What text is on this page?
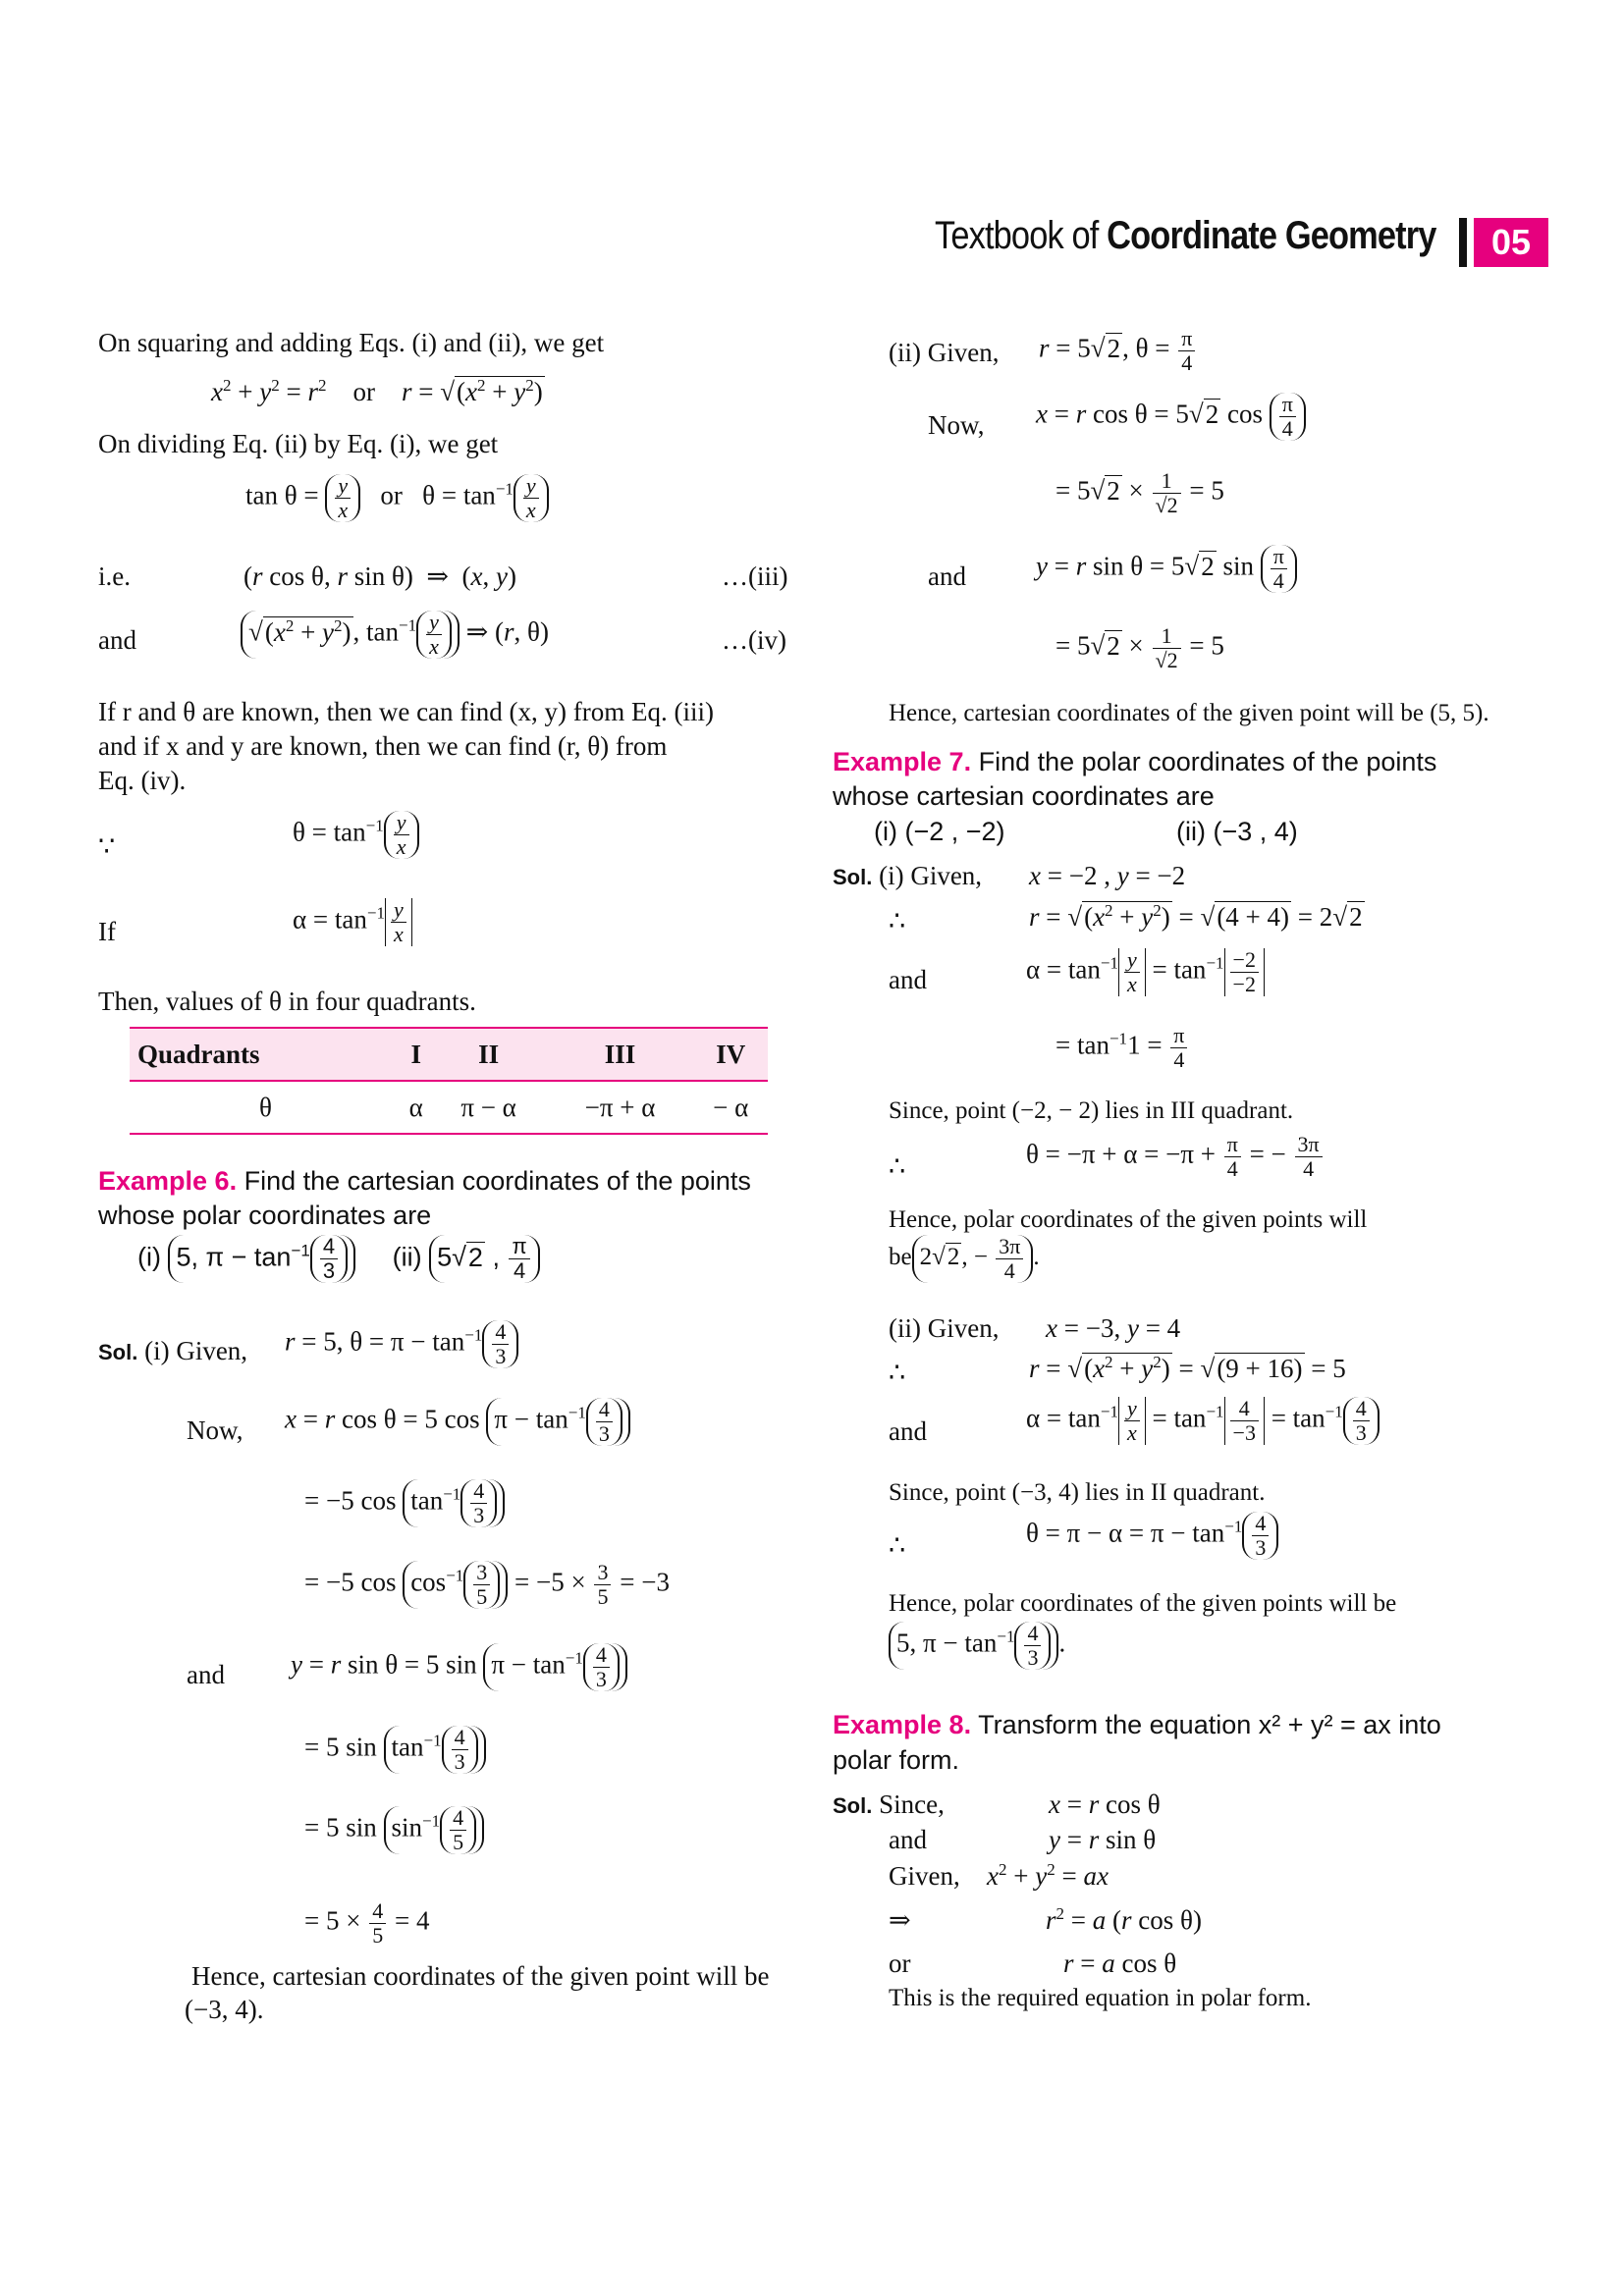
Textbook of Coordinate Geometry	05
On squaring and adding Eqs. (i) and (ii), we get
$x^2 + y^2 = r^2$    or    $r = √(x^2 + y^2)$
On dividing Eq. (ii) by Eq. (i), we get
$\tan \theta = \frac{y}{x}$ or   $\theta = \tan^{-1} \frac{y}{x}$
i.e.	(r cos θ, r sin θ)  ⇒  (x, y)	…(iii)
and	$√(x^2 + y^2)$, $\tan^{-1} \frac{y}{x}$ ⇒ (r, θ)	…(iv)
If r and θ are known, then we can find (x, y) from Eq. (iii)
and if x and y are known, then we can find (r, θ) from
Eq. (iv).
∵	$\theta = \tan^{-1} \frac{y}{x}$
If	$\alpha = \tan^{-1} \frac{y}{x}$
Then, values of θ in four quadrants.
Quadrants	I	II	III	IV
θ	α	π − α	−π + α	− α
Example 6. Find the cartesian coordinates of the points
whose polar coordinates are
(i) 5, $\pi - \tan^{-1} \frac{4}{3} (ii)$ 5√2 , $\frac{\pi}{4}$
Sol. (i) Given, r = 5, $\theta = \pi - \tan^{-1} \frac{4}{3}$
Now, x = r cos θ = 5 $\cos \pi - \tan^{-1} \frac{4}{3}$
= −5 $\cos \tan^{-1} \frac{4}{3}$
= −5 $\cos \cos^{-1} \frac{3}{5} = -5 \times \frac{3}{5} = -3$
and y = r sin θ = 5 $\sin \pi - \tan^{-1} \frac{4}{3}$
= 5 $\sin \tan^{-1} \frac{4}{3}$
= 5 $\sin \sin^{-1} \frac{4}{5}$
= $5 \times \frac{4}{5} = 4$
Hence, cartesian coordinates of the given point will be
(−3, 4).
(ii) Given, r = 5√2, $\theta = \frac{\pi}{4}$
Now, x = r cos θ = 5√2 $\cos \frac{\pi}{4}$
= $5√2 \times \frac{1}{√2} = 5$
and	y = r sin θ = 5√2 $\sin \frac{\pi}{4}$
= $5√2 \times \frac{1}{√2} = 5$
Hence, cartesian coordinates of the given point will be (5, 5).
Example 7. Find the polar coordinates of the points
whose cartesian coordinates are
(i) (−2 , −2)	(ii) (−3 , 4)
Sol. (i) Given, x = −2 , y = −2
∴	$r = √(x^2 + y^2) = √(4 + 4) = 2√2$
and	$\alpha = \tan^{-1} \frac{y}{x} = \tan^{-1} \frac{-2}{-2}$
= $\tan^{-1}1 = \frac{\pi}{4}$
Since, point (−2, − 2) lies in III quadrant.
∴	$\theta = -\pi + \alpha = -\pi + \frac{\pi}{4}$ = − $\frac{3\pi}{4}$
Hence, polar coordinates of the given points will
be 2√2, − $\frac{3\pi}{4}$ .
(ii) Given, x = −3, y = 4
∴	$r = √(x^2 + y^2) = √(9 + 16) = 5$
and	$\alpha = \tan^{-1} \frac{y}{x} = \tan^{-1} \frac{4}{-3} = \tan^{-1} \frac{4}{3}$
Since, point (−3, 4) lies in II quadrant.
∴	$\theta = \pi - \alpha = \pi - \tan^{-1} \frac{4}{3}$
Hence, polar coordinates of the given points will be
5, $\pi - \tan^{-1} \frac{4}{3}$ .
Example 8. Transform the equation x² + y² = ax into
polar form.
Sol. Since,	x = r cos θ
and	y = r sin θ
Given, $x^2 + y^2$ = ax
⇒	$r^2 = a$ (r cos θ)
or	r = a cos θ
This is the required equation in polar form.
